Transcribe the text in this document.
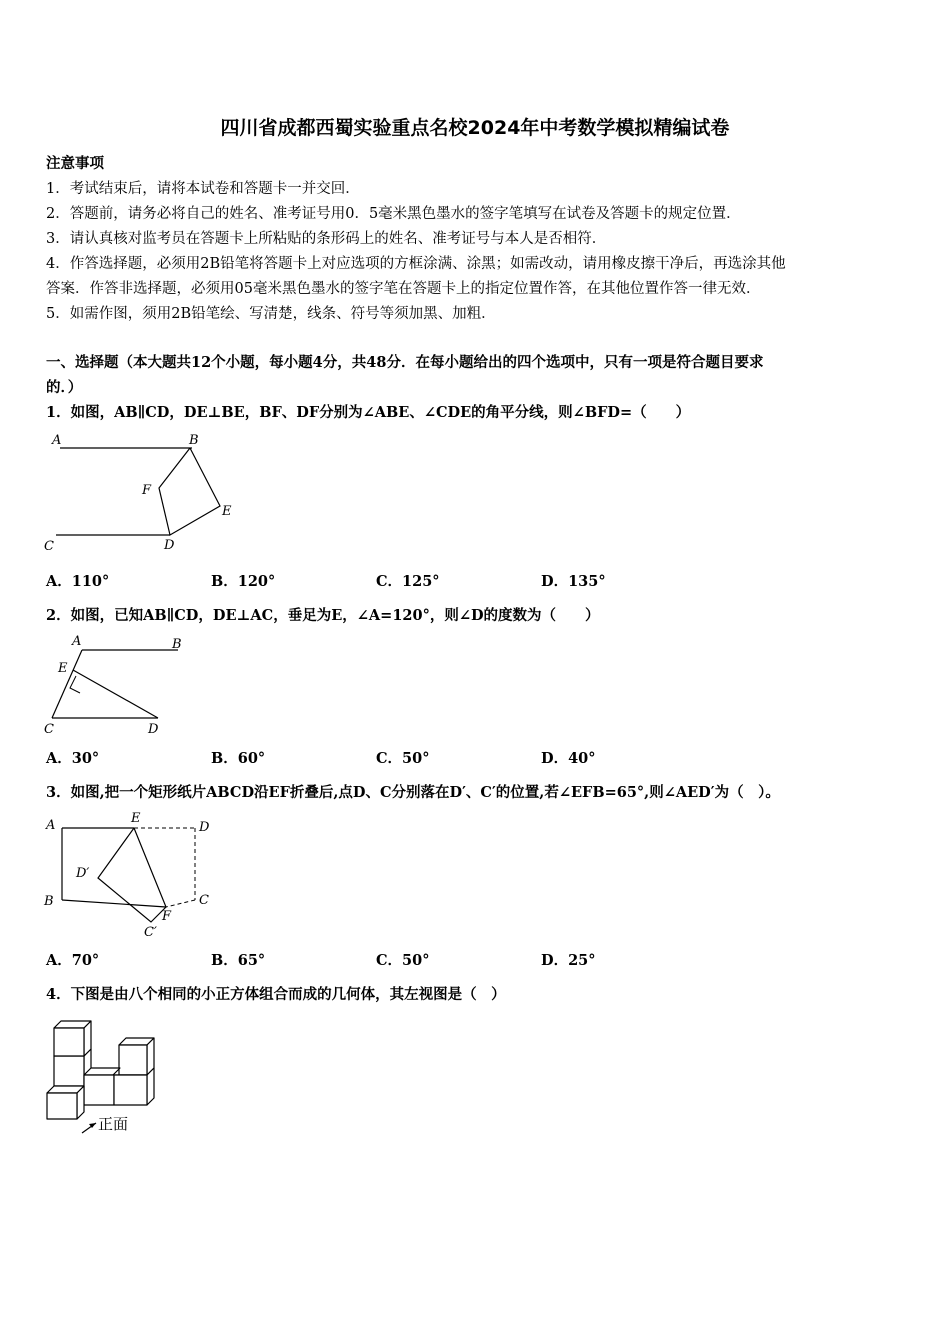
四川省成都西蜀实验重点名校2024年中考数学模拟精编试卷
注意事项
1．考试结束后，请将本试卷和答题卡一并交回．
2．答题前，请务必将自己的姓名、准考证号用0．5毫米黑色墨水的签字笔填写在试卷及答题卡的规定位置．
3．请认真核对监考员在答题卡上所粘贴的条形码上的姓名、准考证号与本人是否相符．
4．作答选择题，必须用2B铅笔将答题卡上对应选项的方框涂满、涂黑；如需改动，请用橡皮擦干净后，再选涂其他
答案．作答非选择题，必须用05毫米黑色墨水的签字笔在答题卡上的指定位置作答，在其他位置作答一律无效．
5．如需作图，须用2B铅笔绘、写清楚，线条、符号等须加黑、加粗．
一、选择题（本大题共12个小题，每小题4分，共48分．在每小题给出的四个选项中，只有一项是符合题目要求
的．）
1．如图，AB∥CD，DE⊥BE，BF、DF分别为∠ABE、∠CDE的角平分线，则∠BFD=（　　）
A	B
F
E
C	D
A．110°	B．120°	C．125°	D．135°
2．如图，已知AB∥CD，DE⊥AC，垂足为E，∠A=120°，则∠D的度数为（　　）
A	B
E
C	D
A．30°	B．60°	C．50°	D．40°
3．如图,把一个矩形纸片ABCD沿EF折叠后,点D、C分别落在D′、C′的位置,若∠EFB=65°,则∠AED′为（　）。
A	E
D
D′
B	C
F
C′
A．70°	B．65°	C．50°	D．25°
4．下图是由八个相同的小正方体组合而成的几何体，其左视图是（　）
正面
